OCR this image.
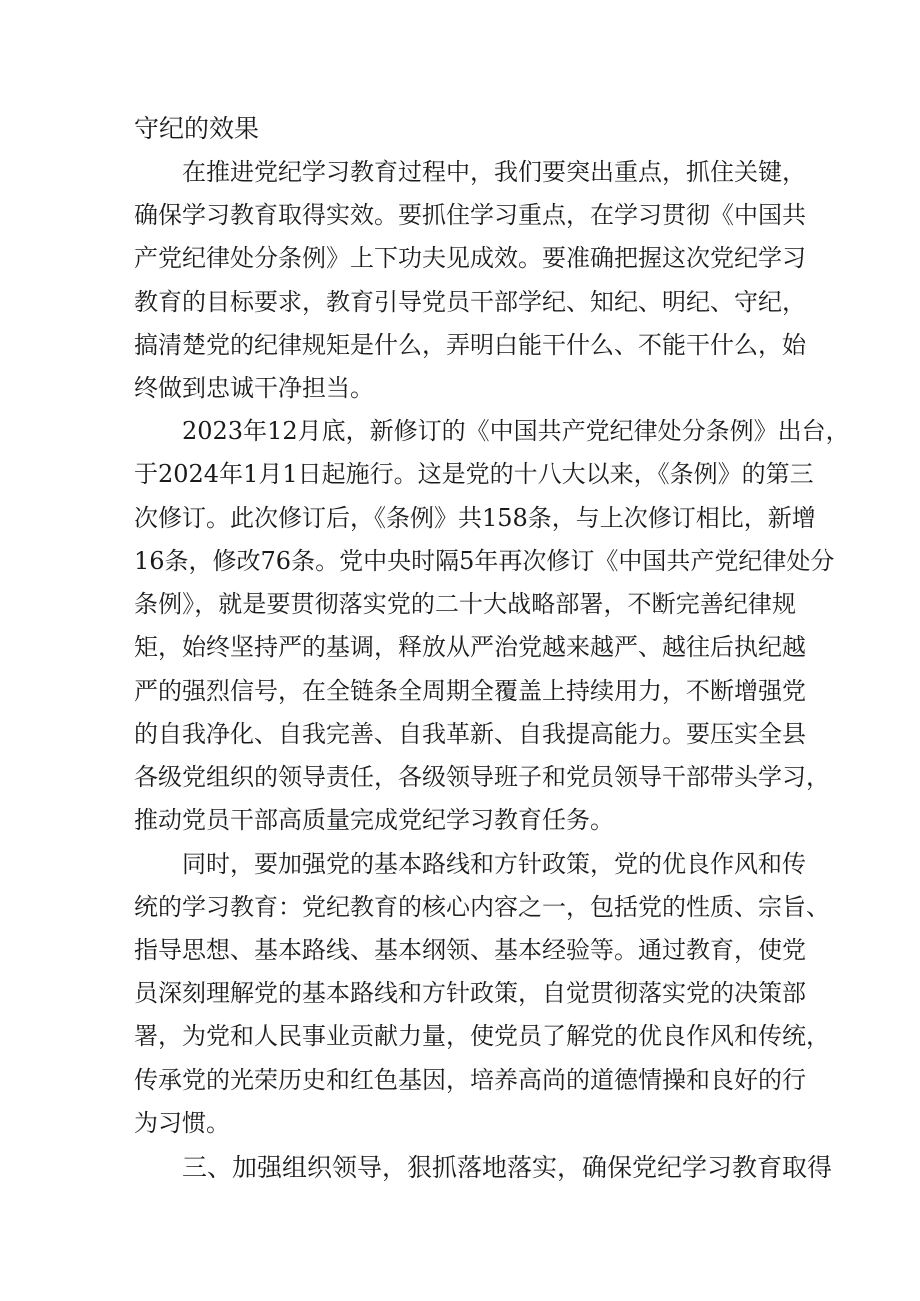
守纪的效果
在推进党纪学习教育过程中，我们要突出重点，抓住关键，
确保学习教育取得实效。要抓住学习重点，在学习贯彻《中国共
产党纪律处分条例》上下功夫见成效。要准确把握这次党纪学习
教育的目标要求，教育引导党员干部学纪、知纪、明纪、守纪，
搞清楚党的纪律规矩是什么，弄明白能干什么、不能干什么，始
终做到忠诚干净担当。
2023年12月底，新修订的《中国共产党纪律处分条例》出台，
于2024年1月1日起施行。这是党的十八大以来，《条例》的第三
次修订。此次修订后，《条例》共158条，与上次修订相比，新增
16条，修改76条。党中央时隔5年再次修订《中国共产党纪律处分
条例》，就是要贯彻落实党的二十大战略部署，不断完善纪律规
矩，始终坚持严的基调，释放从严治党越来越严、越往后执纪越
严的强烈信号，在全链条全周期全覆盖上持续用力，不断增强党
的自我净化、自我完善、自我革新、自我提高能力。要压实全县
各级党组织的领导责任，各级领导班子和党员领导干部带头学习，
推动党员干部高质量完成党纪学习教育任务。
同时，要加强党的基本路线和方针政策，党的优良作风和传
统的学习教育：党纪教育的核心内容之一，包括党的性质、宗旨、
指导思想、基本路线、基本纲领、基本经验等。通过教育，使党
员深刻理解党的基本路线和方针政策，自觉贯彻落实党的决策部
署，为党和人民事业贡献力量，使党员了解党的优良作风和传统，
传承党的光荣历史和红色基因，培养高尚的道德情操和良好的行
为习惯。
三、加强组织领导，狠抓落地落实，确保党纪学习教育取得
